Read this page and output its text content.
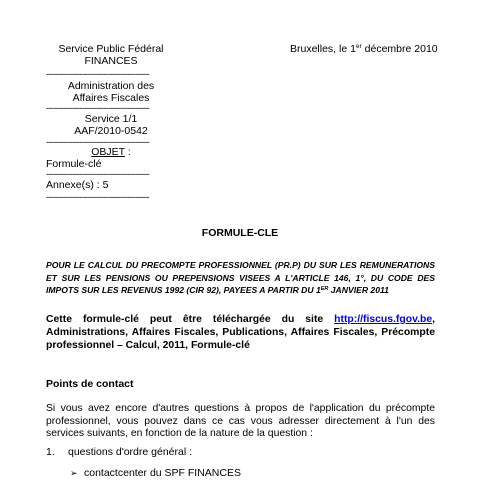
Service Public Fédéral
FINANCES
-------------------------------------------
Administration des
Affaires Fiscales
-------------------------------------------
Service 1/1
AAF/2010-0542
-------------------------------------------
OBJET :
Formule-clé
-------------------------------------------
Annexe(s) : 5
-------------------------------------------
Bruxelles, le 1er décembre 2010
FORMULE-CLE
POUR LE CALCUL DU PRECOMPTE PROFESSIONNEL (PR.P) DU SUR LES REMUNERATIONS ET SUR LES PENSIONS OU PREPENSIONS VISEES A L'ARTICLE 146, 1°, DU CODE DES IMPOTS SUR LES REVENUS 1992 (CIR 92), PAYEES A PARTIR DU 1ER JANVIER 2011
Cette formule-clé peut être téléchargée du site http://fiscus.fgov.be, Administrations, Affaires Fiscales, Publications, Affaires Fiscales, Précompte professionnel – Calcul, 2011, Formule-clé
Points de contact
Si vous avez encore d'autres questions à propos de l'application du précompte professionnel, vous pouvez dans ce cas vous adresser directement à l'un des services suivants, en fonction de la nature de la question :
1. questions d'ordre général :
➢ contactcenter du SPF FINANCES
